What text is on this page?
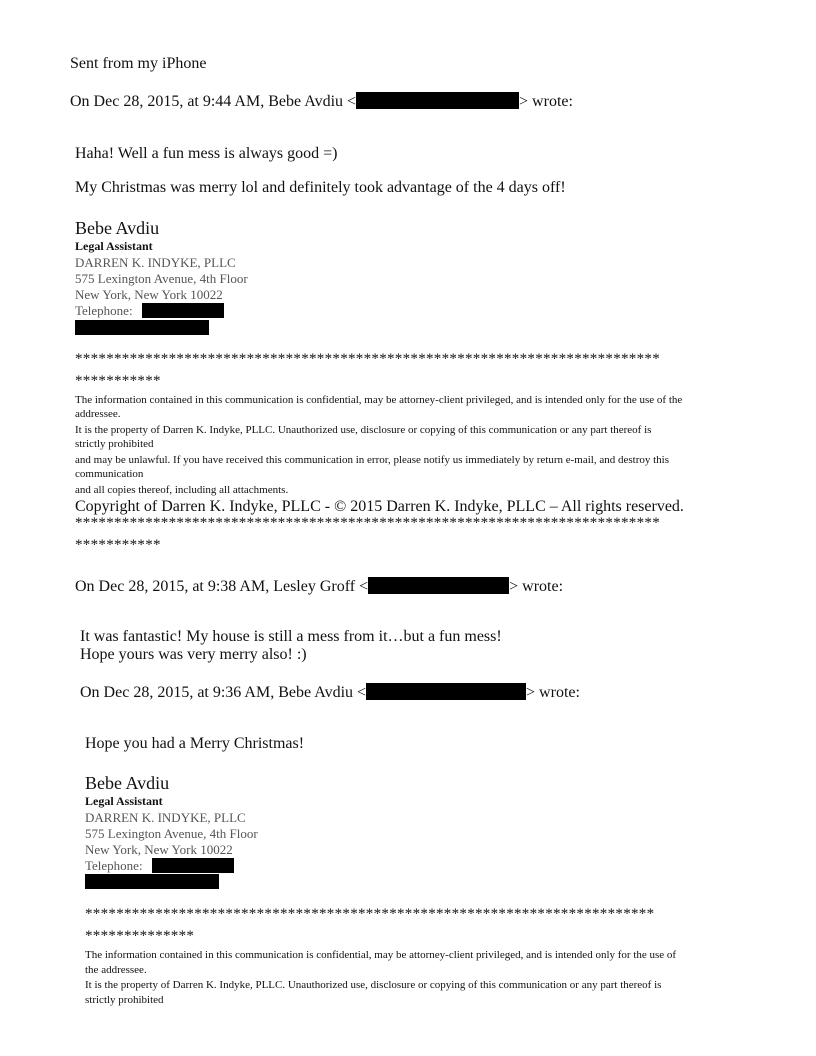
Sent from my iPhone
On Dec 28, 2015, at 9:44 AM, Bebe Avdiu <	> wrote:
Haha! Well a fun mess is always good =)
My Christmas was merry lol and definitely took advantage of the 4 days off!
Bebe Avdiu
Legal Assistant
DARREN K. INDYKE, PLLC
575 Lexington Avenue, 4th Floor
New York, New York 10022
Telephone:
***************************************************************************
***********
The information contained in this communication is confidential, may be attorney-client privileged, and is intended only for the use of the
addressee.
It is the property of Darren K. Indyke, PLLC. Unauthorized use, disclosure or copying of this communication or any part thereof is
strictly prohibited
and may be unlawful. If you have received this communication in error, please notify us immediately by return e-mail, and destroy this
communication
and all copies thereof, including all attachments.
Copyright of Darren K. Indyke, PLLC - © 2015 Darren K. Indyke, PLLC – All rights reserved.
***************************************************************************
***********
On Dec 28, 2015, at 9:38 AM, Lesley Groff <	> wrote:
It was fantastic! My house is still a mess from it…but a fun mess!
Hope yours was very merry also! :)
On Dec 28, 2015, at 9:36 AM, Bebe Avdiu <	> wrote:
Hope you had a Merry Christmas!
Bebe Avdiu
Legal Assistant
DARREN K. INDYKE, PLLC
575 Lexington Avenue, 4th Floor
New York, New York 10022
Telephone:
*************************************************************************
**************
The information contained in this communication is confidential, may be attorney-client privileged, and is intended only for the use of
the addressee.
It is the property of Darren K. Indyke, PLLC. Unauthorized use, disclosure or copying of this communication or any part thereof is
strictly prohibited
